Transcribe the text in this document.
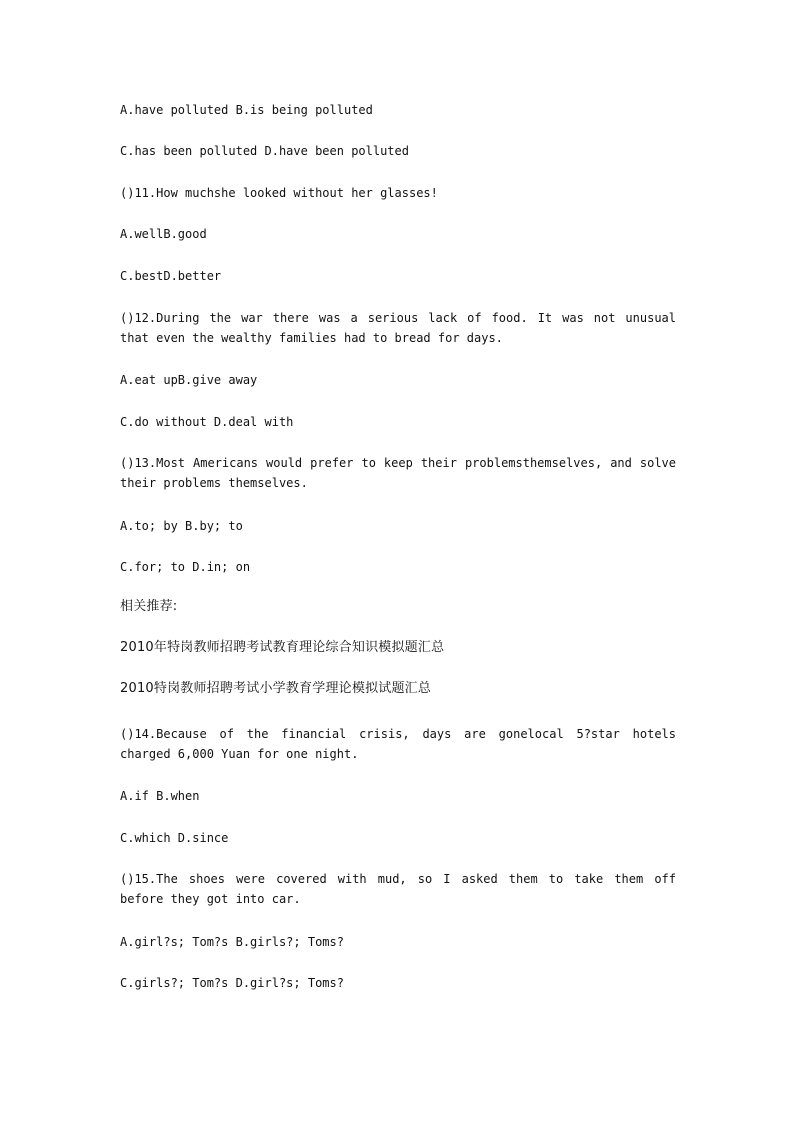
A.have polluted B.is being polluted
C.has been polluted D.have been polluted
()11.How muchshe looked without her glasses!
A.wellB.good
C.bestD.better
()12.During the war there was a serious lack of food. It was not unusual that even the wealthy families had to bread for days.
A.eat upB.give away
C.do without D.deal with
()13.Most Americans would prefer to keep their problemsthemselves, and solve their problems themselves.
A.to; by B.by; to
C.for; to D.in; on
相关推荐:
2010年特岗教师招聘考试教育理论综合知识模拟题汇总
2010特岗教师招聘考试小学教育学理论模拟试题汇总
()14.Because of the financial crisis, days are gonelocal 5?star hotels charged 6,000 Yuan for one night.
A.if B.when
C.which D.since
()15.The shoes were covered with mud, so I asked them to take them off before they got into car.
A.girl?s; Tom?s B.girls?; Toms?
C.girls?; Tom?s D.girl?s; Toms?
